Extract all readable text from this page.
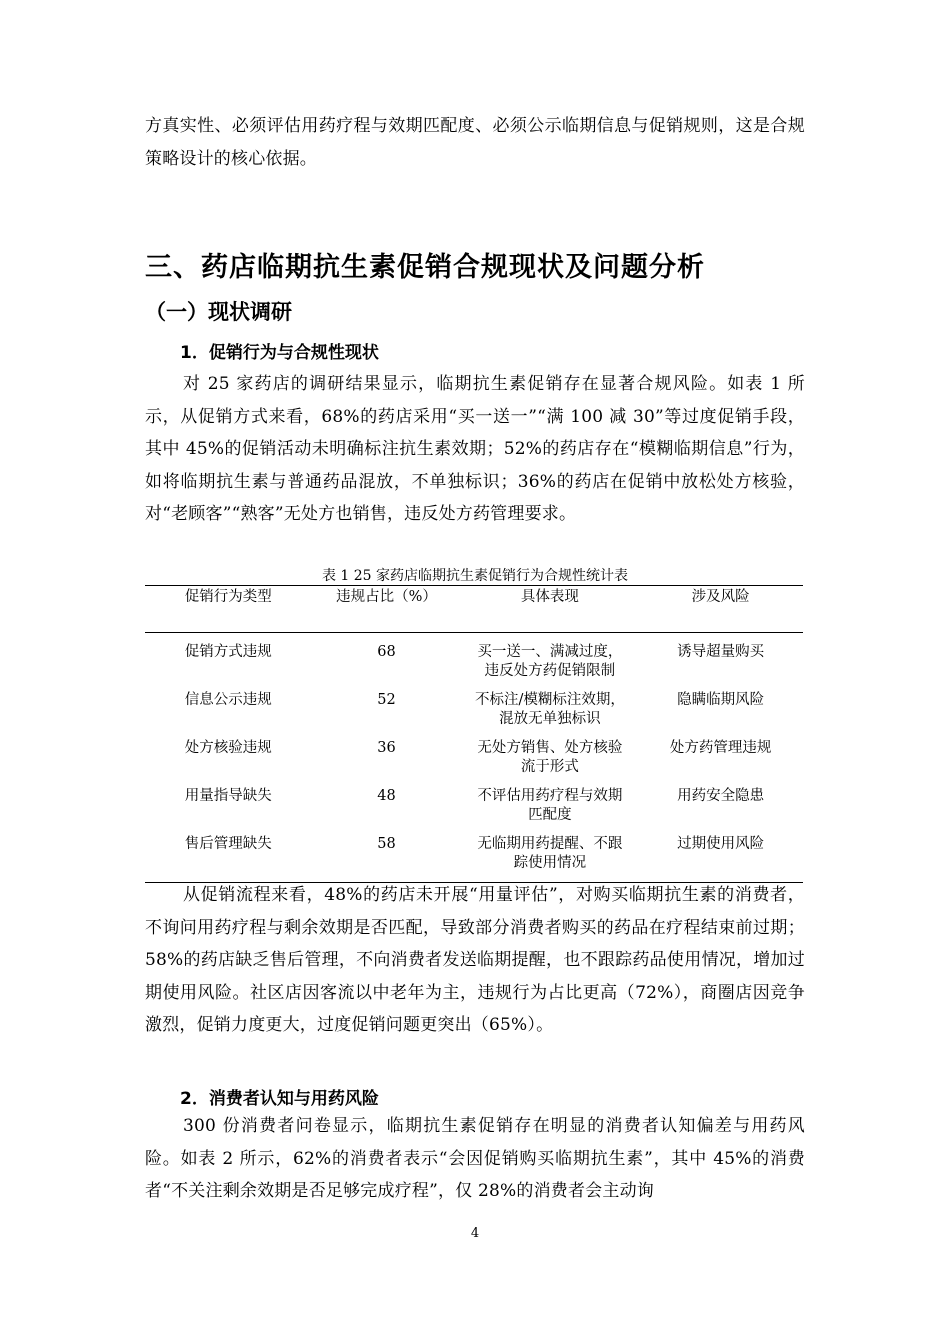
方真实性、必须评估用药疗程与效期匹配度、必须公示临期信息与促销规则，这是合规策略设计的核心依据。

三、药店临期抗生素促销合规现状及问题分析
（一）现状调研
1．促销行为与合规性现状

对 25 家药店的调研结果显示，临期抗生素促销存在显著合规风险。如表 1 所示，从促销方式来看，68%的药店采用“买一送一”“满 100 减 30”等过度促销手段，其中 45%的促销活动未明确标注抗生素效期；52%的药店存在“模糊临期信息”行为，如将临期抗生素与普通药品混放，不单独标识；36%的药店在促销中放松处方核验，对“老顾客”“熟客”无处方也销售，违反处方药管理要求。

表 1 25 家药店临期抗生素促销行为合规性统计表

促销行为类型	违规占比（%）	具体表现	涉及风险
促销方式违规	68	买一送一、满减过度，违反处方药促销限制	诱导超量购买
信息公示违规	52	不标注/模糊标注效期，混放无单独标识	隐瞒临期风险
处方核验违规	36	无处方销售、处方核验流于形式	处方药管理违规
用量指导缺失	48	不评估用药疗程与效期匹配度	用药安全隐患
售后管理缺失	58	无临期用药提醒、不跟踪使用情况	过期使用风险

从促销流程来看，48%的药店未开展“用量评估”，对购买临期抗生素的消费者，不询问用药疗程与剩余效期是否匹配，导致部分消费者购买的药品在疗程结束前过期；58%的药店缺乏售后管理，不向消费者发送临期提醒，也不跟踪药品使用情况，增加过期使用风险。社区店因客流以中老年为主，违规行为占比更高（72%），商圈店因竞争激烈，促销力度更大，过度促销问题更突出（65%）。

2．消费者认知与用药风险

300 份消费者问卷显示，临期抗生素促销存在明显的消费者认知偏差与用药风险。如表 2 所示，62%的消费者表示“会因促销购买临期抗生素”，其中 45%的消费者“不关注剩余效期是否足够完成疗程”，仅 28%的消费者会主动询

4
